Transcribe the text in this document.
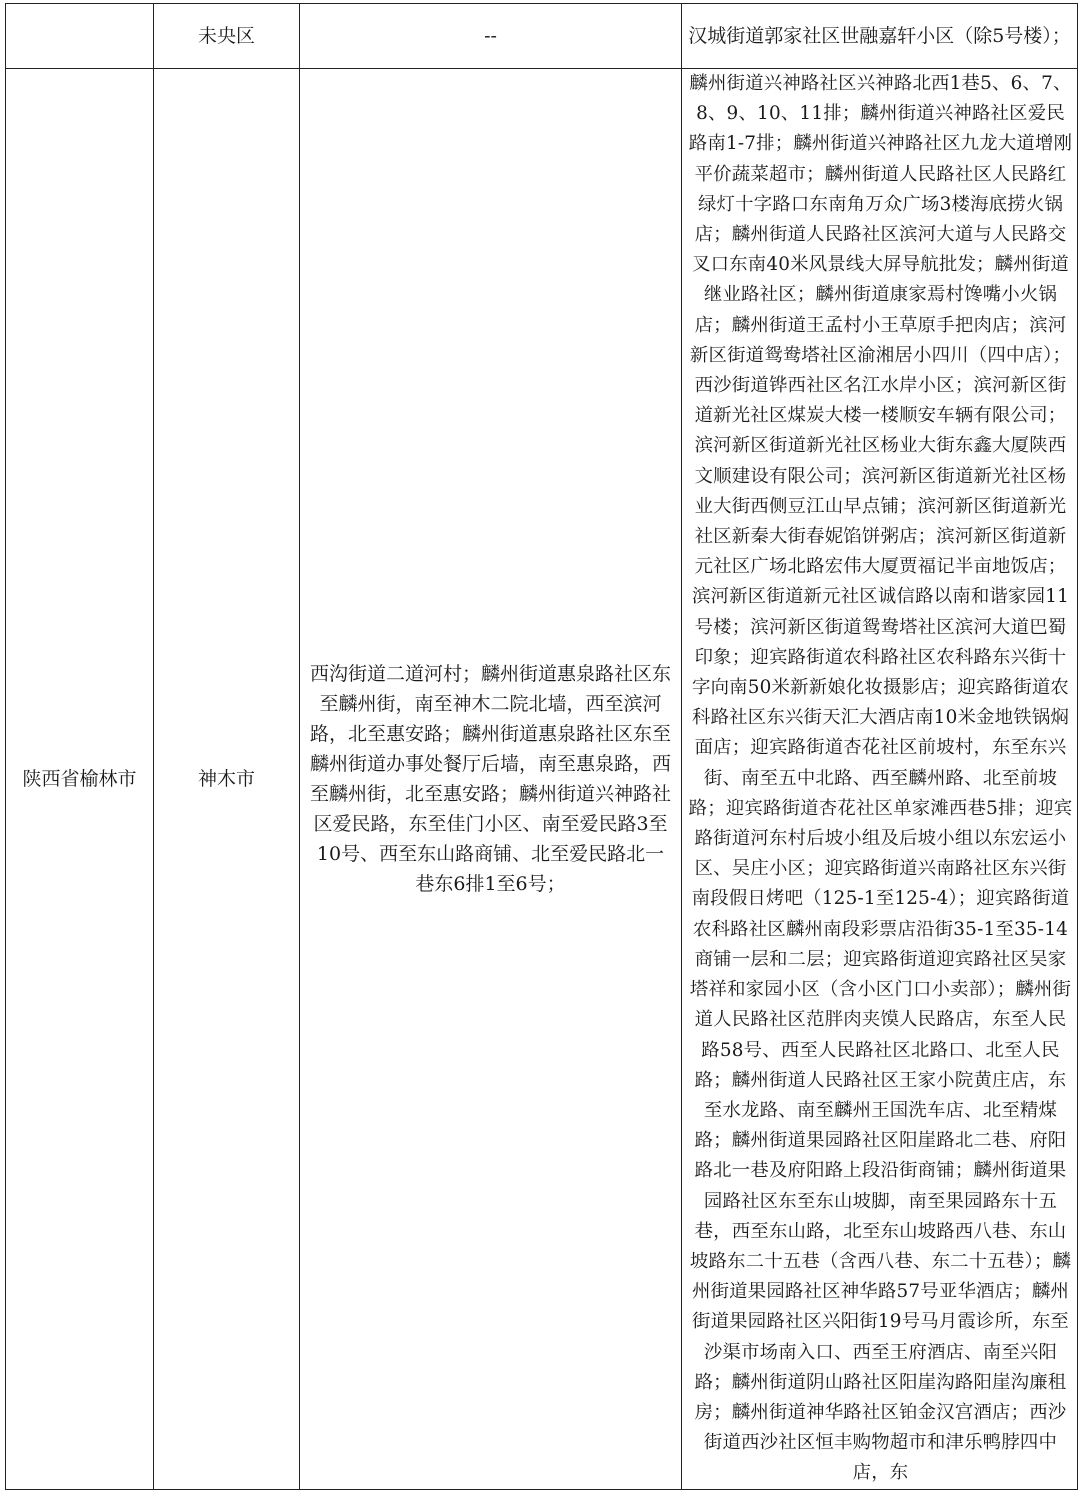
	未央区	--	汉城街道郭家社区世融嘉轩小区（除5号楼）；

陕西省榆林市	神木市	西沟街道二道河村；麟州街道惠泉路社区东至麟州街，南至神木二院北墙，西至滨河路，北至惠安路；麟州街道惠泉路社区东至麟州街道办事处餐厅后墙，南至惠泉路，西至麟州街，北至惠安路；麟州街道兴神路社区爱民路，东至佳门小区、南至爱民路3至10号、西至东山路商铺、北至爱民路北一巷东6排1至6号；	麟州街道兴神路社区兴神路北西1巷5、6、7、8、9、10、11排；麟州街道兴神路社区爱民路南1-7排；麟州街道兴神路社区九龙大道增刚平价蔬菜超市；麟州街道人民路社区人民路红绿灯十字路口东南角万众广场3楼海底捞火锅店；麟州街道人民路社区滨河大道与人民路交叉口东南40米风景线大屏导航批发；麟州街道继业路社区；麟州街道康家焉村馋嘴小火锅店；麟州街道王孟村小王草原手把肉店；滨河新区街道鸳鸯塔社区渝湘居小四川（四中店）；西沙街道铧西社区名江水岸小区；滨河新区街道新光社区煤炭大楼一楼顺安车辆有限公司；滨河新区街道新光社区杨业大街东鑫大厦陕西文顺建设有限公司；滨河新区街道新光社区杨业大街西侧豆江山早点铺；滨河新区街道新光社区新秦大街春妮馅饼粥店；滨河新区街道新元社区广场北路宏伟大厦贾福记半亩地饭店；滨河新区街道新元社区诚信路以南和谐家园11号楼；滨河新区街道鸳鸯塔社区滨河大道巴蜀印象；迎宾路街道农科路社区农科路东兴街十字向南50米新新娘化妆摄影店；迎宾路街道农科路社区东兴街天汇大酒店南10米金地铁锅焖面店；迎宾路街道杏花社区前坡村，东至东兴街、南至五中北路、西至麟州路、北至前坡路；迎宾路街道杏花社区单家滩西巷5排；迎宾路街道河东村后坡小组及后坡小组以东宏运小区、吴庄小区；迎宾路街道兴南路社区东兴街南段假日烤吧（125-1至125-4）；迎宾路街道农科路社区麟州南段彩票店沿街35-1至35-14商铺一层和二层；迎宾路街道迎宾路社区吴家塔祥和家园小区（含小区门口小卖部）；麟州街道人民路社区范胖肉夹馍人民路店，东至人民路58号、西至人民路社区北路口、北至人民路；麟州街道人民路社区王家小院黄庄店，东至水龙路、南至麟州王国洗车店、北至精煤路；麟州街道果园路社区阳崖路北二巷、府阳路北一巷及府阳路上段沿街商铺；麟州街道果园路社区东至东山坡脚，南至果园路东十五巷，西至东山路，北至东山坡路西八巷、东山坡路东二十五巷（含西八巷、东二十五巷）；麟州街道果园路社区神华路57号亚华酒店；麟州街道果园路社区兴阳街19号马月霞诊所，东至沙渠市场南入口、西至王府酒店、南至兴阳路；麟州街道阴山路社区阳崖沟路阳崖沟廉租房；麟州街道神华路社区铂金汉宫酒店；西沙街道西沙社区恒丰购物超市和津乐鸭脖四中店，东
